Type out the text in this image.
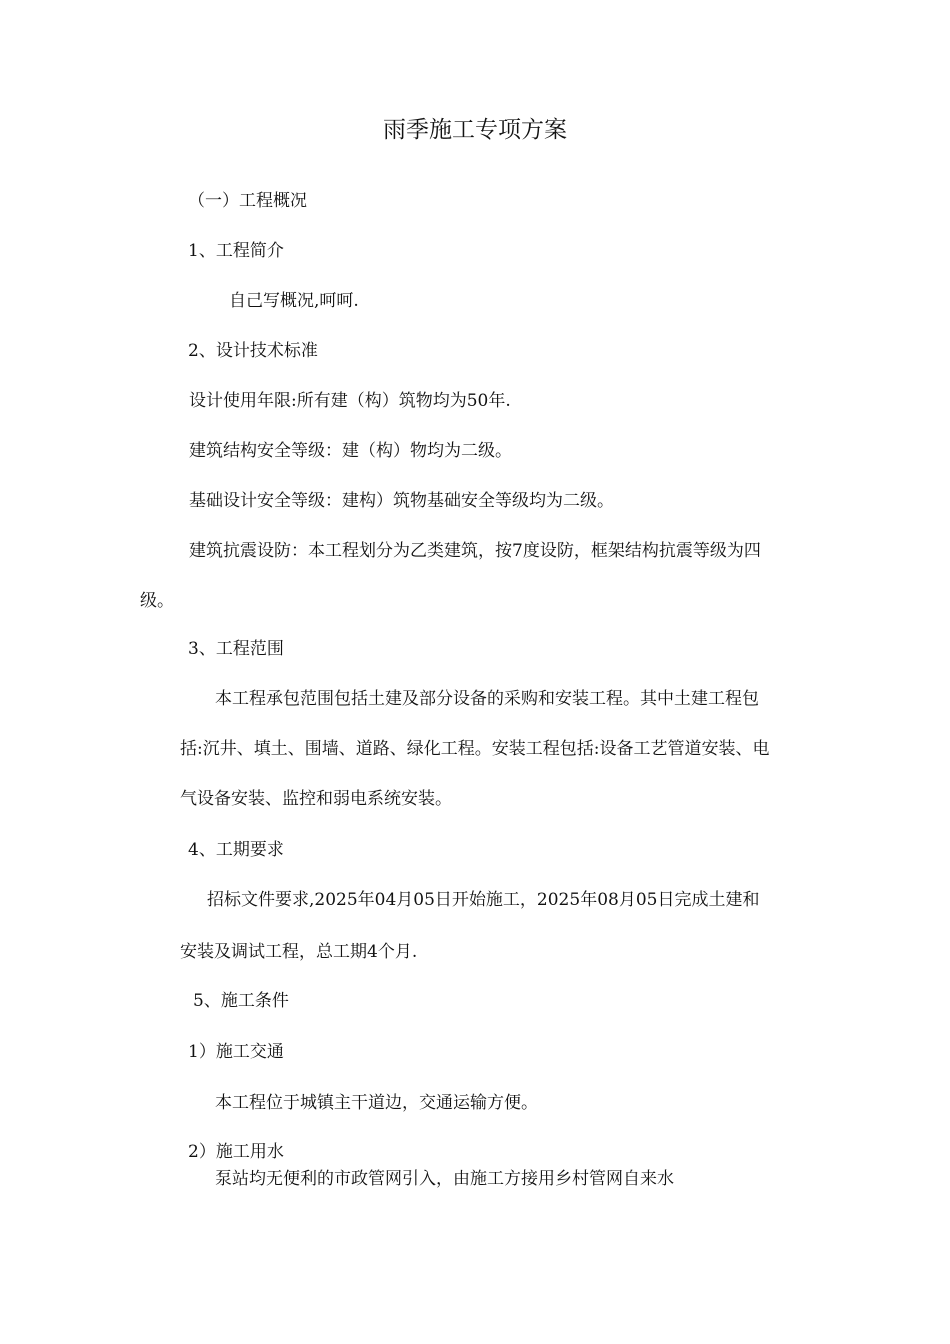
雨季施工专项方案
（一）工程概况
1、工程简介
自己写概况,呵呵.
2、设计技术标准
设计使用年限:所有建（构）筑物均为50年.
建筑结构安全等级：建（构）物均为二级。
基础设计安全等级：建构）筑物基础安全等级均为二级。
建筑抗震设防：本工程划分为乙类建筑，按7度设防，框架结构抗震等级为四
级。
3、工程范围
本工程承包范围包括土建及部分设备的采购和安装工程。其中土建工程包
括:沉井、填土、围墙、道路、绿化工程。安装工程包括:设备工艺管道安装、电
气设备安装、监控和弱电系统安装。
4、工期要求
招标文件要求,2025年04月05日开始施工，2025年08月05日完成土建和
安装及调试工程，总工期4个月.
5、施工条件
1）施工交通
本工程位于城镇主干道边，交通运输方便。
2）施工用水
泵站均无便利的市政管网引入，由施工方接用乡村管网自来水
